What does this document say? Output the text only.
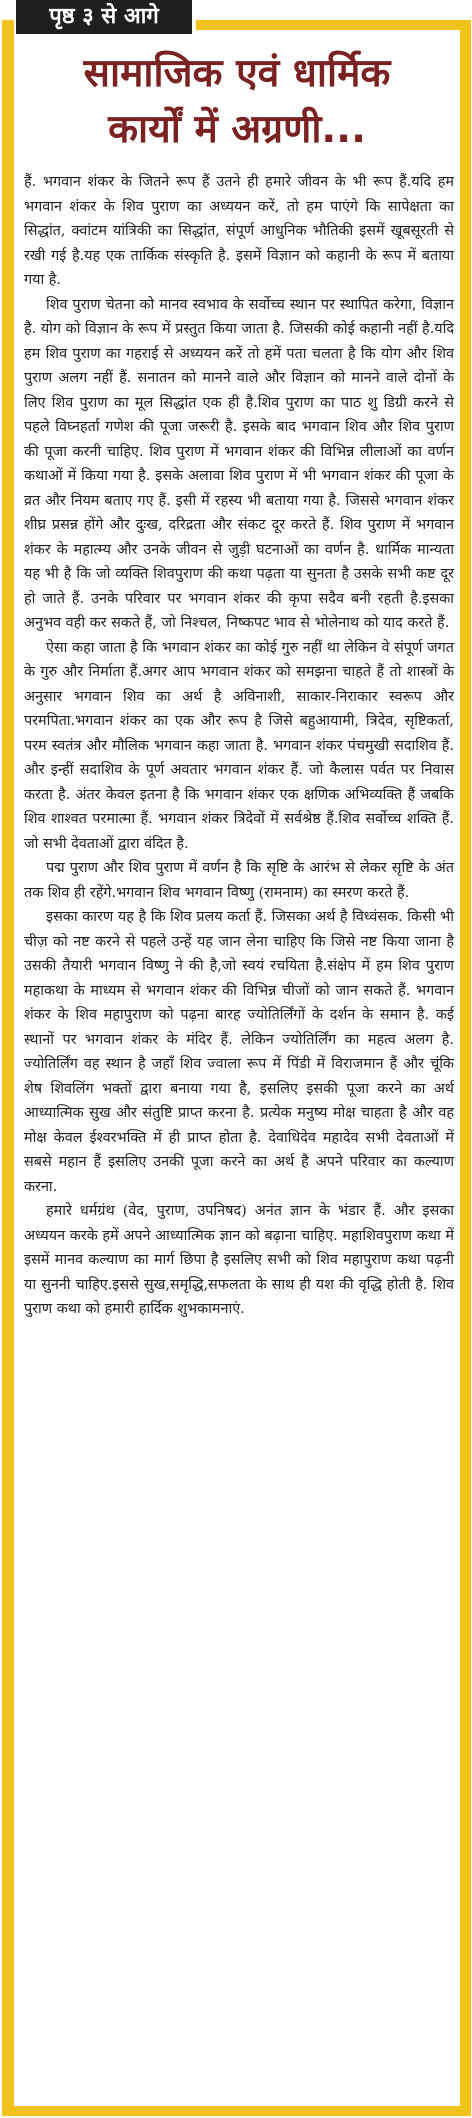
पृष्ठ ३ से आगे
सामाजिक एवं धार्मिक
कार्यों में अग्रणी...

हैं. भगवान शंकर के जितने रूप हैं उतने ही हमारे जीवन के भी रूप हैं.यदि हम भगवान शंकर के शिव पुराण का अध्ययन करें, तो हम पाएंगे कि सापेक्षता का सिद्धांत, क्वांटम यांत्रिकी का सिद्धांत, संपूर्ण आधुनिक भौतिकी इसमें खूबसूरती से रखी गई है.यह एक तार्किक संस्कृति है. इसमें विज्ञान को कहानी के रूप में बताया गया है.

शिव पुराण चेतना को मानव स्वभाव के सर्वोच्च स्थान पर स्थापित करेगा, विज्ञान है. योग को विज्ञान के रूप में प्रस्तुत किया जाता है. जिसकी कोई कहानी नहीं है.यदि हम शिव पुराण का गहराई से अध्ययन करें तो हमें पता चलता है कि योग और शिव पुराण अलग नहीं हैं. सनातन को मानने वाले और विज्ञान को मानने वाले दोनों के लिए शिव पुराण का मूल सिद्धांत एक ही है.शिव पुराण का पाठ शु डिग्री करने से पहले विघ्नहर्ता गणेश की पूजा जरूरी है. इसके बाद भगवान शिव और शिव पुराण की पूजा करनी चाहिए. शिव पुराण में भगवान शंकर की विभिन्न लीलाओं का वर्णन कथाओं में किया गया है. इसके अलावा शिव पुराण में भी भगवान शंकर की पूजा के व्रत और नियम बताए गए हैं. इसी में रहस्य भी बताया गया है. जिससे भगवान शंकर शीघ्र प्रसन्न होंगे और दुःख, दरिद्रता और संकट दूर करते हैं. शिव पुराण में भगवान शंकर के महात्म्य और उनके जीवन से जुड़ी घटनाओं का वर्णन है. धार्मिक मान्यता यह भी है कि जो व्यक्ति शिवपुराण की कथा पढ़ता या सुनता है उसके सभी कष्ट दूर हो जाते हैं. उनके परिवार पर भगवान शंकर की कृपा सदैव बनी रहती है.इसका अनुभव वही कर सकते हैं, जो निश्चल, निष्कपट भाव से भोलेनाथ को याद करते हैं.

ऐसा कहा जाता है कि भगवान शंकर का कोई गुरु नहीं था लेकिन वे संपूर्ण जगत के गुरु और निर्माता हैं.अगर आप भगवान शंकर को समझना चाहते हैं तो शास्त्रों के अनुसार भगवान शिव का अर्थ है अविनाशी, साकार-निराकार स्वरूप और परमपिता.भगवान शंकर का एक और रूप है जिसे बहुआयामी, त्रिदेव, सृष्टिकर्ता, परम स्वतंत्र और मौलिक भगवान कहा जाता है. भगवान शंकर पंचमुखी सदाशिव हैं. और इन्हीं सदाशिव के पूर्ण अवतार भगवान शंकर हैं. जो कैलास पर्वत पर निवास करता है. अंतर केवल इतना है कि भगवान शंकर एक क्षणिक अभिव्यक्ति हैं जबकि शिव शाश्वत परमात्मा हैं. भगवान शंकर त्रिदेवों में सर्वश्रेष्ठ हैं.शिव सर्वोच्च शक्ति हैं. जो सभी देवताओं द्वारा वंदित है.

पद्म पुराण और शिव पुराण में वर्णन है कि सृष्टि के आरंभ से लेकर सृष्टि के अंत तक शिव ही रहेंगे.भगवान शिव भगवान विष्णु (रामनाम) का स्मरण करते हैं.

इसका कारण यह है कि शिव प्रलय कर्ता हैं. जिसका अर्थ है विध्वंसक. किसी भी चीज़ को नष्ट करने से पहले उन्हें यह जान लेना चाहिए कि जिसे नष्ट किया जाना है उसकी तैयारी भगवान विष्णु ने की है,जो स्वयं रचयिता है.संक्षेप में हम शिव पुराण महाकथा के माध्यम से भगवान शंकर की विभिन्न चीजों को जान सकते हैं. भगवान शंकर के शिव महापुराण को पढ़ना बारह ज्योतिर्लिंगों के दर्शन के समान है. कई स्थानों पर भगवान शंकर के मंदिर हैं. लेकिन ज्योतिर्लिंग का महत्व अलग है. ज्योतिर्लिंग वह स्थान है जहाँ शिव ज्वाला रूप में पिंडी में विराजमान हैं और चूंकि शेष शिवलिंग भक्तों द्वारा बनाया गया है, इसलिए इसकी पूजा करने का अर्थ आध्यात्मिक सुख और संतुष्टि प्राप्त करना है. प्रत्येक मनुष्य मोक्ष चाहता है और वह मोक्ष केवल ईश्वरभक्ति में ही प्राप्त होता है. देवाधिदेव महादेव सभी देवताओं में सबसे महान हैं इसलिए उनकी पूजा करने का अर्थ है अपने परिवार का कल्याण करना.

हमारे धर्मग्रंथ (वेद, पुराण, उपनिषद) अनंत ज्ञान के भंडार हैं. और इसका अध्ययन करके हमें अपने आध्यात्मिक ज्ञान को बढ़ाना चाहिए. महाशिवपुराण कथा में इसमें मानव कल्याण का मार्ग छिपा है इसलिए सभी को शिव महापुराण कथा पढ़नी या सुननी चाहिए.इससे सुख,समृद्धि,सफलता के साथ ही यश की वृद्धि होती है. शिव पुराण कथा को हमारी हार्दिक शुभकामनाएं.
